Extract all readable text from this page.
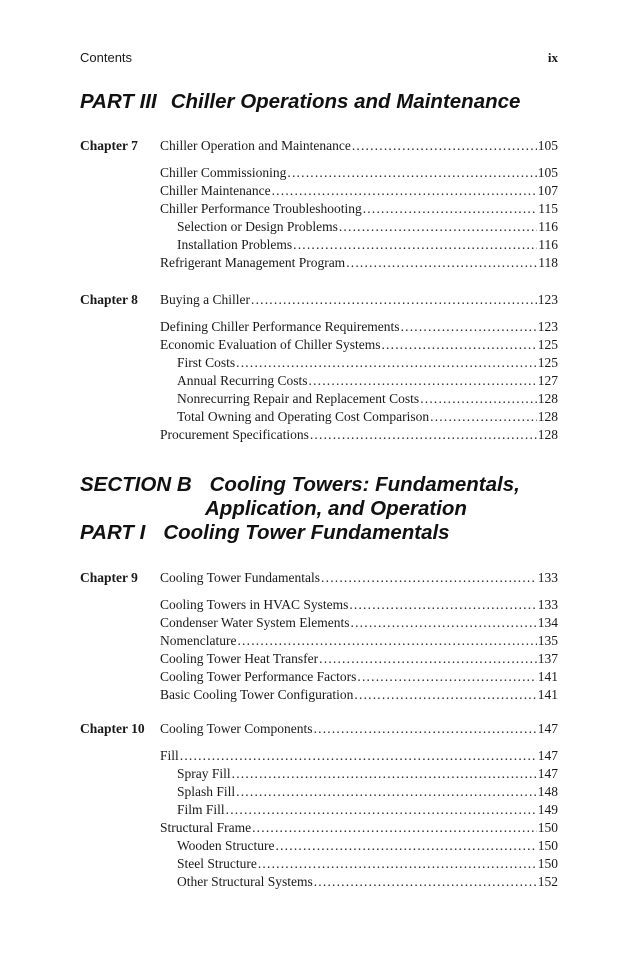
Contents	ix
PART III Chiller Operations and Maintenance
Chapter 7 Chiller Operation and Maintenance .....	105
Chiller Commissioning .....	105
Chiller Maintenance .....	107
Chiller Performance Troubleshooting .....	115
Selection or Design Problems .....	116
Installation Problems .....	116
Refrigerant Management Program .....	118
Chapter 8 Buying a Chiller .....	123
Defining Chiller Performance Requirements .....	123
Economic Evaluation of Chiller Systems .....	125
First Costs .....	125
Annual Recurring Costs .....	127
Nonrecurring Repair and Replacement Costs .....	128
Total Owning and Operating Cost Comparison .....	128
Procurement Specifications .....	128
SECTION B Cooling Towers: Fundamentals,
Application, and Operation
PART I Cooling Tower Fundamentals
Chapter 9 Cooling Tower Fundamentals .....	133
Cooling Towers in HVAC Systems .....	133
Condenser Water System Elements .....	134
Nomenclature .....	135
Cooling Tower Heat Transfer .....	137
Cooling Tower Performance Factors .....	141
Basic Cooling Tower Configuration .....	141
Chapter 10 Cooling Tower Components .....	147
Fill .....	147
Spray Fill .....	147
Splash Fill .....	148
Film Fill .....	149
Structural Frame .....	150
Wooden Structure .....	150
Steel Structure .....	150
Other Structural Systems .....	152
